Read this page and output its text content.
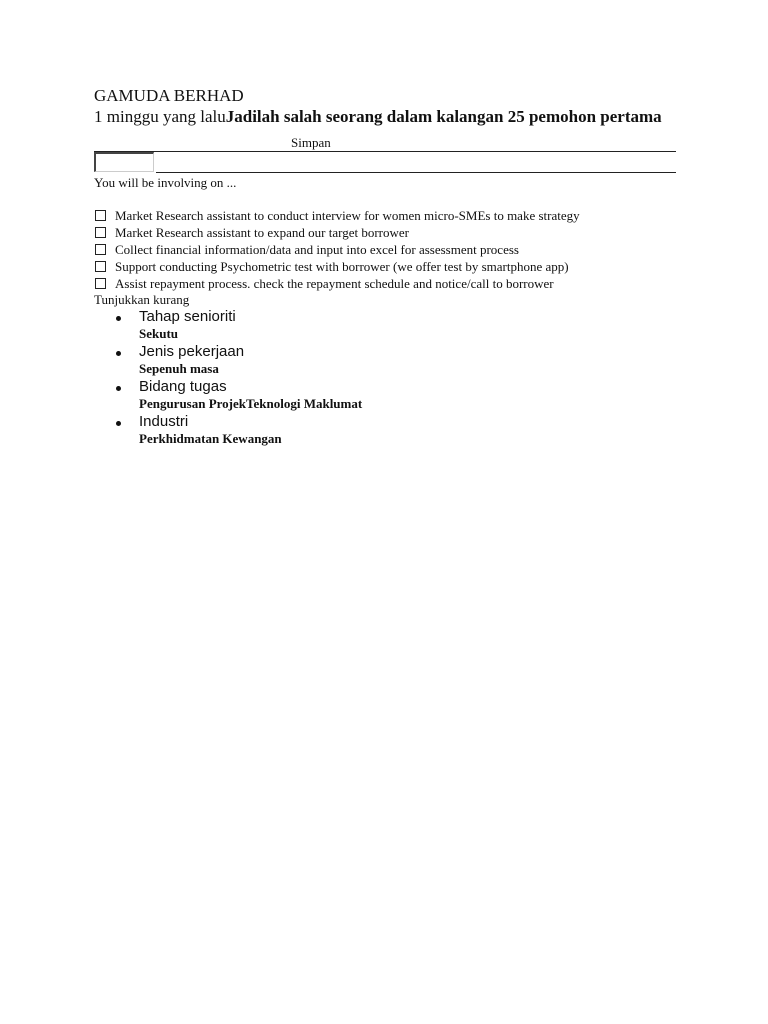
GAMUDA BERHAD

1 minggu yang laluJadilah salah seorang dalam kalangan 25 pemohon pertama

Simpan

You will be involving on ...

Market Research assistant to conduct interview for women micro-SMEs to make strategy
Market Research assistant to expand our target borrower
Collect financial information/data and input into excel for assessment process
Support conducting Psychometric test with borrower (we offer test by smartphone app)
Assist repayment process. check the repayment schedule and notice/call to borrower

Tunjukkan kurang

Tahap senioriti
Sekutu
Jenis pekerjaan
Sepenuh masa
Bidang tugas
Pengurusan ProjekTeknologi Maklumat
Industri
Perkhidmatan Kewangan
